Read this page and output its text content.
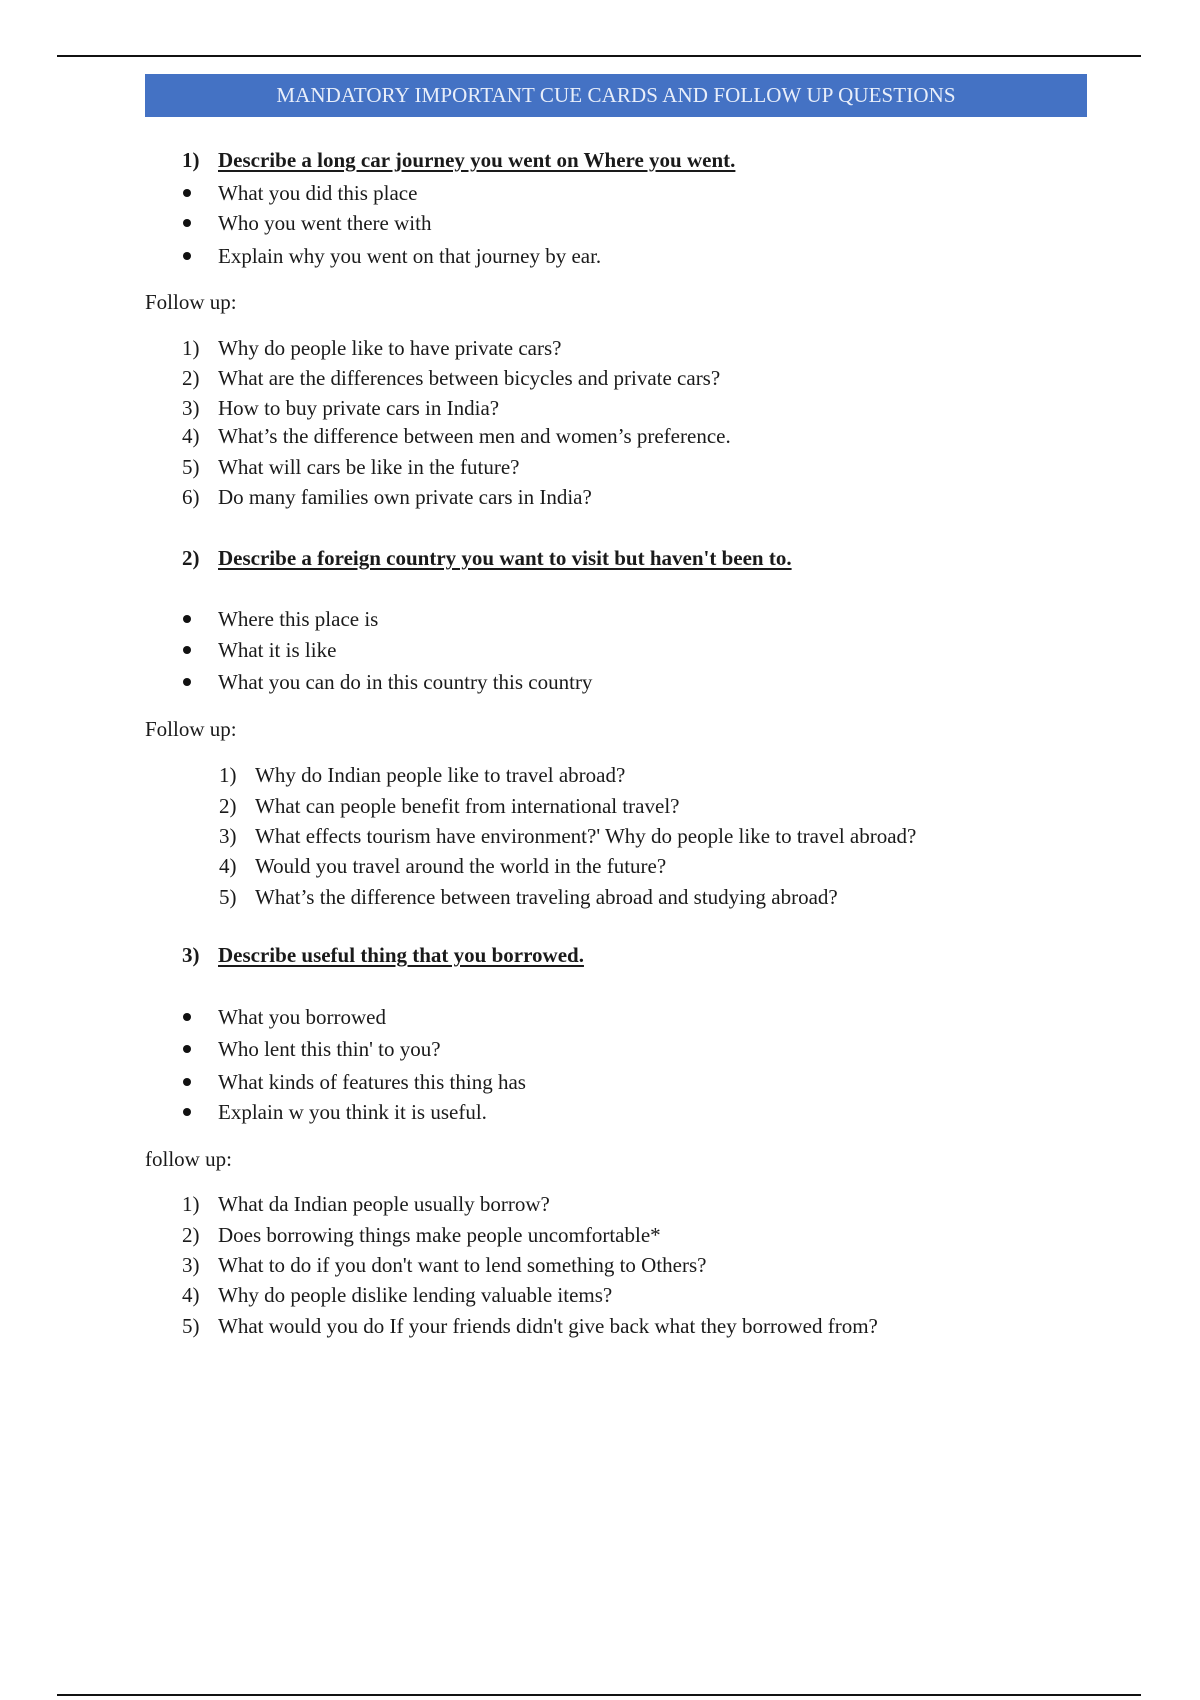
MANDATORY IMPORTANT CUE CARDS AND FOLLOW UP QUESTIONS
1) Describe a long car journey you went on Where you went.
What you did this place
Who you went there with
Explain why you went on that journey by ear.
Follow up:
1) Why do people like to have private cars?
2) What are the differences between bicycles and private cars?
3) How to buy private cars in India?
4) What’s the difference between men and women’s preference.
5) What will cars be like in the future?
6) Do many families own private cars in India?
2) Describe a foreign country you want to visit but haven't been to.
Where this place is
What it is like
What you can do in this country this country
Follow up:
1) Why do Indian people like to travel abroad?
2) What can people benefit from international travel?
3) What effects tourism have environment?' Why do people like to travel abroad?
4) Would you travel around the world in the future?
5) What’s the difference between traveling abroad and studying abroad?
3) Describe useful thing that you borrowed.
What you borrowed
Who lent this thin' to you?
What kinds of features this thing has
Explain w you think it is useful.
follow up:
1) What da Indian people usually borrow?
2) Does borrowing things make people uncomfortable*
3) What to do if you don't want to lend something to Others?
4) Why do people dislike lending valuable items?
5) What would you do If your friends didn't give back what they borrowed from?
